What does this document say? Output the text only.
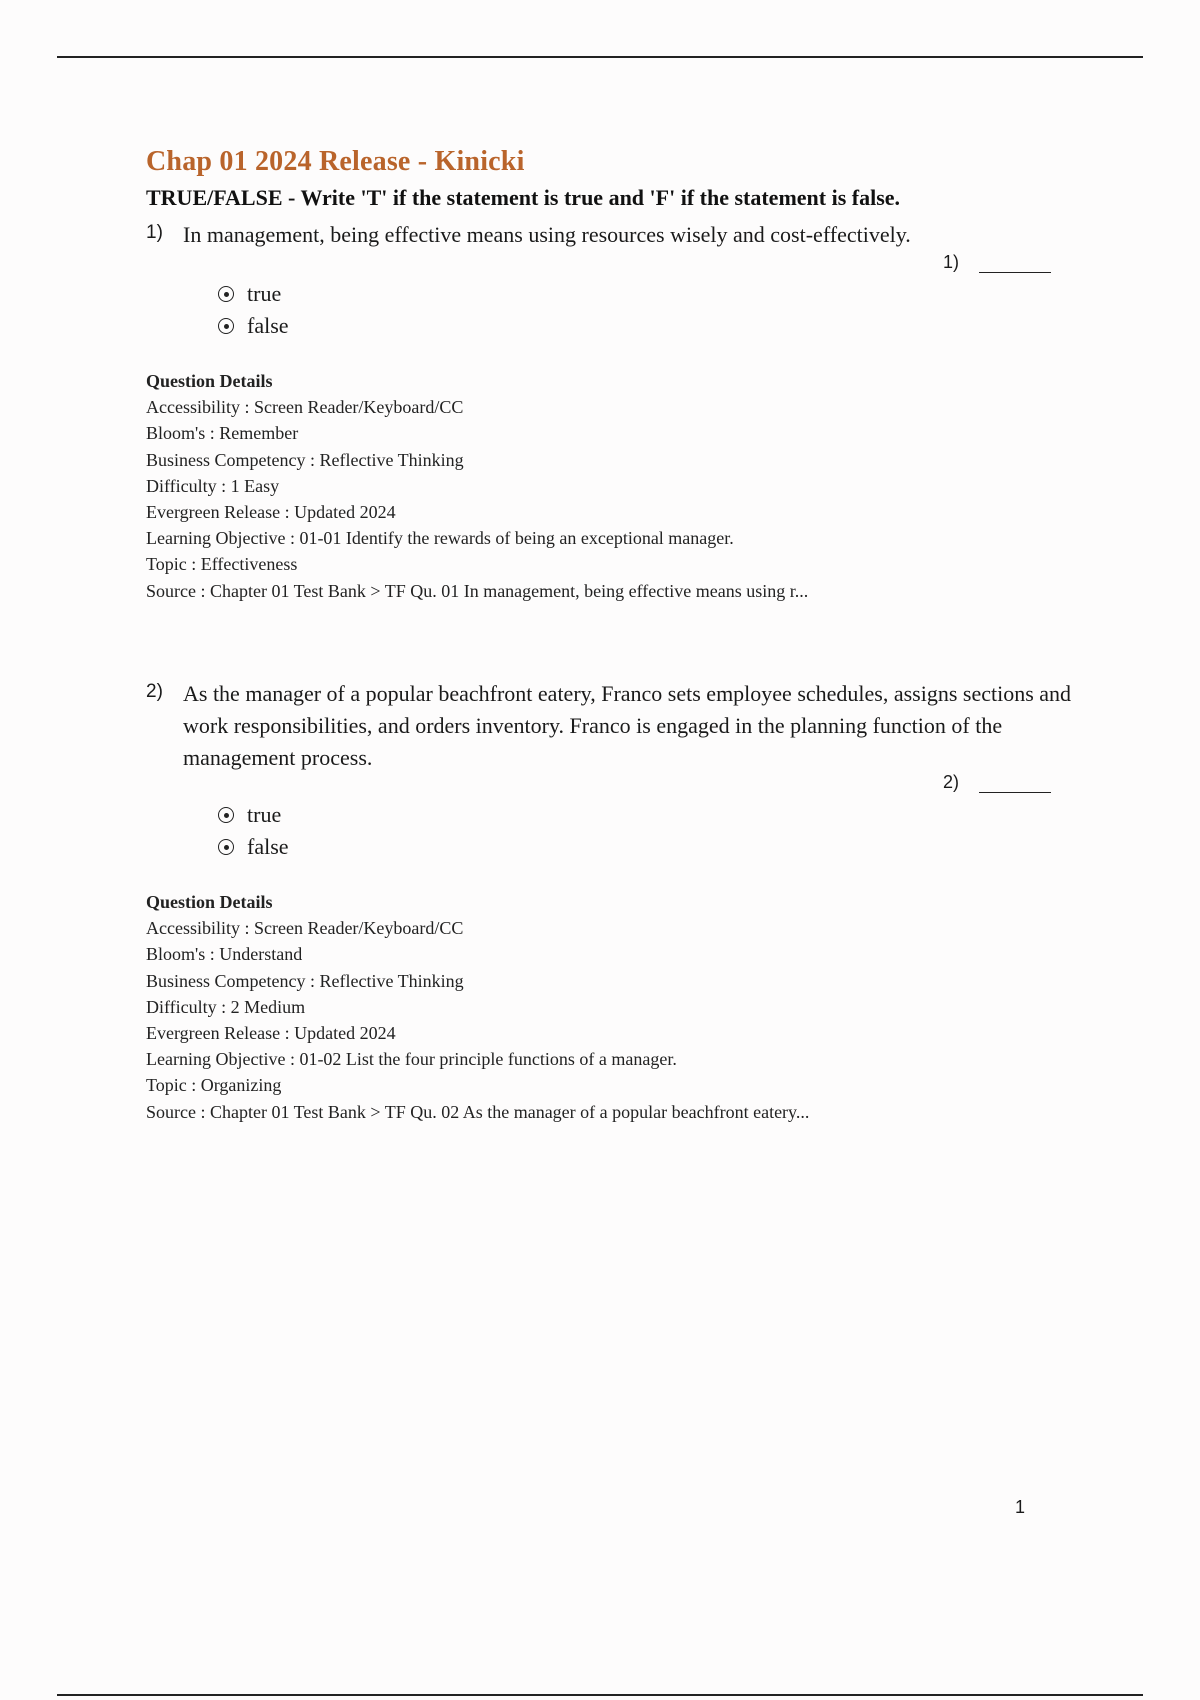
Chap 01 2024 Release - Kinicki
TRUE/FALSE - Write 'T' if the statement is true and 'F' if the statement is false.
1) In management, being effective means using resources wisely and cost-effectively.
1)
true
false
Question Details
Accessibility : Screen Reader/Keyboard/CC
Bloom's : Remember
Business Competency : Reflective Thinking
Difficulty : 1 Easy
Evergreen Release : Updated 2024
Learning Objective : 01-01 Identify the rewards of being an exceptional manager.
Topic : Effectiveness
Source : Chapter 01 Test Bank > TF Qu. 01 In management, being effective means using r...
2) As the manager of a popular beachfront eatery, Franco sets employee schedules, assigns sections and work responsibilities, and orders inventory. Franco is engaged in the planning function of the management process.
2)
true
false
Question Details
Accessibility : Screen Reader/Keyboard/CC
Bloom's : Understand
Business Competency : Reflective Thinking
Difficulty : 2 Medium
Evergreen Release : Updated 2024
Learning Objective : 01-02 List the four principle functions of a manager.
Topic : Organizing
Source : Chapter 01 Test Bank > TF Qu. 02 As the manager of a popular beachfront eatery...
1
